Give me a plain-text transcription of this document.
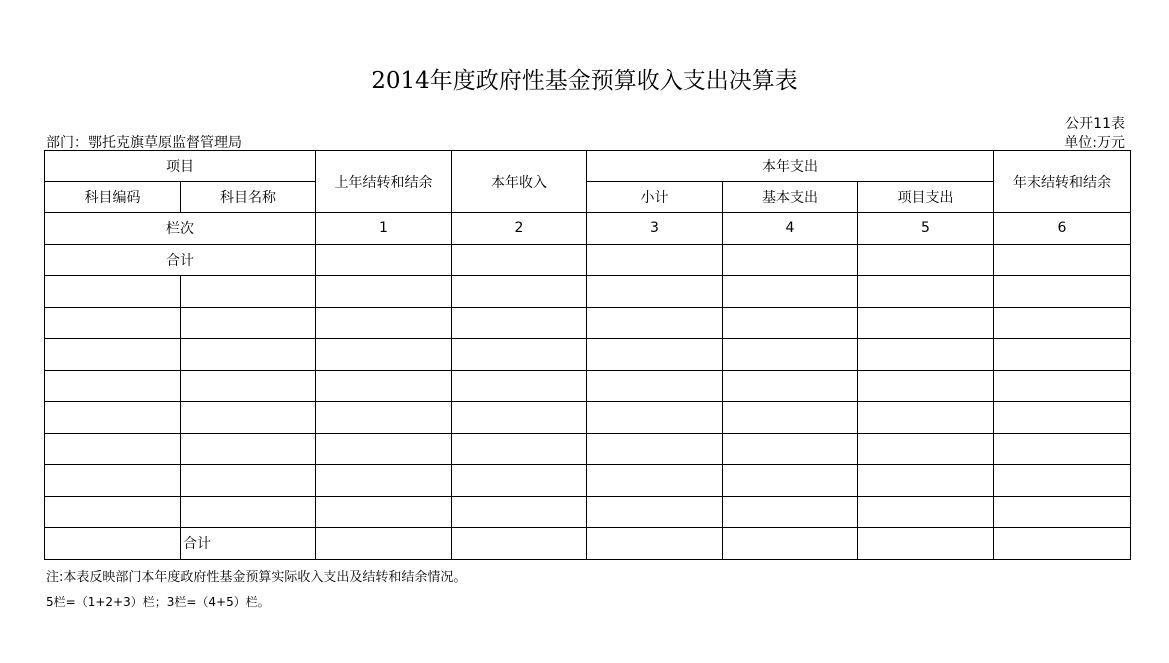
2014年度政府性基金预算收入支出决算表
公开11表
部门：鄂托克旗草原监督管理局	单位:万元
项目		上年结转和结余	本年收入	本年支出			年末结转和结余
科目编码	科目名称			小计	基本支出	项目支出	
栏次		1	2	3	4	5	6
合计							

	合计						
注:本表反映部门本年度政府性基金预算实际收入支出及结转和结余情况。
5栏=（1+2+3）栏；3栏=（4+5）栏。
